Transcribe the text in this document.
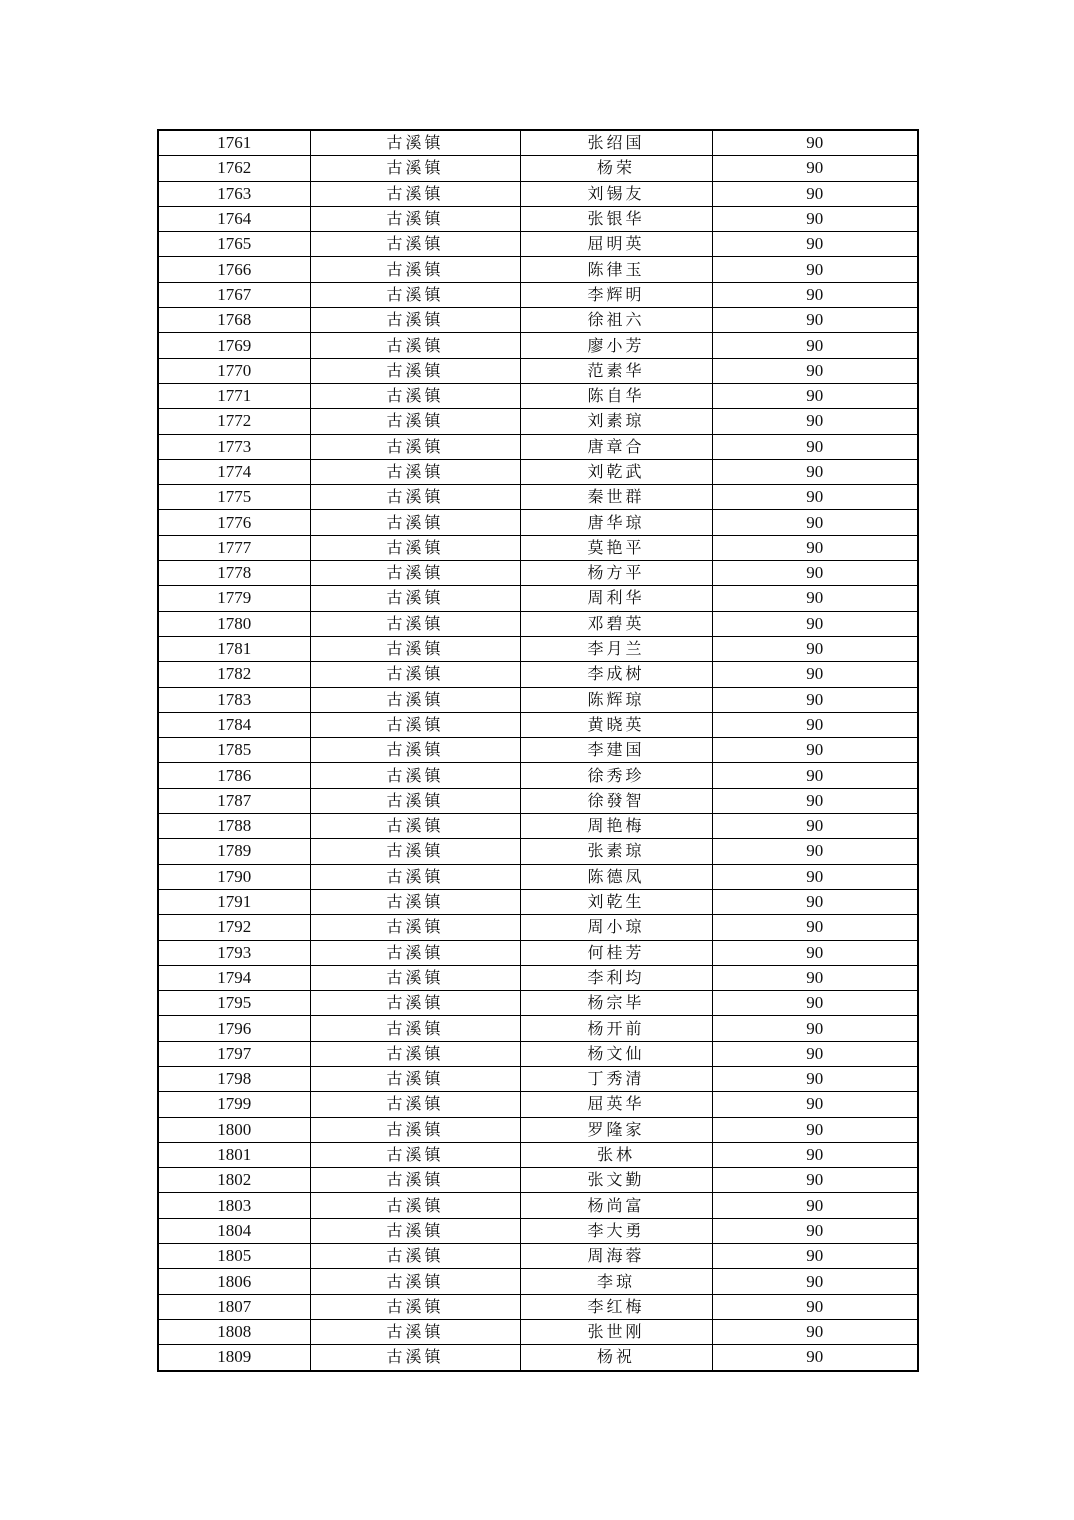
1761	古溪镇	张绍国	90
1762	古溪镇	杨荣	90
1763	古溪镇	刘锡友	90
1764	古溪镇	张银华	90
1765	古溪镇	屈明英	90
1766	古溪镇	陈律玉	90
1767	古溪镇	李辉明	90
1768	古溪镇	徐祖六	90
1769	古溪镇	廖小芳	90
1770	古溪镇	范素华	90
1771	古溪镇	陈自华	90
1772	古溪镇	刘素琼	90
1773	古溪镇	唐章合	90
1774	古溪镇	刘乾武	90
1775	古溪镇	秦世群	90
1776	古溪镇	唐华琼	90
1777	古溪镇	莫艳平	90
1778	古溪镇	杨方平	90
1779	古溪镇	周利华	90
1780	古溪镇	邓碧英	90
1781	古溪镇	李月兰	90
1782	古溪镇	李成树	90
1783	古溪镇	陈辉琼	90
1784	古溪镇	黄晓英	90
1785	古溪镇	李建国	90
1786	古溪镇	徐秀珍	90
1787	古溪镇	徐發智	90
1788	古溪镇	周艳梅	90
1789	古溪镇	张素琼	90
1790	古溪镇	陈德凤	90
1791	古溪镇	刘乾生	90
1792	古溪镇	周小琼	90
1793	古溪镇	何桂芳	90
1794	古溪镇	李利均	90
1795	古溪镇	杨宗毕	90
1796	古溪镇	杨开前	90
1797	古溪镇	杨文仙	90
1798	古溪镇	丁秀清	90
1799	古溪镇	屈英华	90
1800	古溪镇	罗隆家	90
1801	古溪镇	张林	90
1802	古溪镇	张文勤	90
1803	古溪镇	杨尚富	90
1804	古溪镇	李大勇	90
1805	古溪镇	周海蓉	90
1806	古溪镇	李琼	90
1807	古溪镇	李红梅	90
1808	古溪镇	张世刚	90
1809	古溪镇	杨祝	90
